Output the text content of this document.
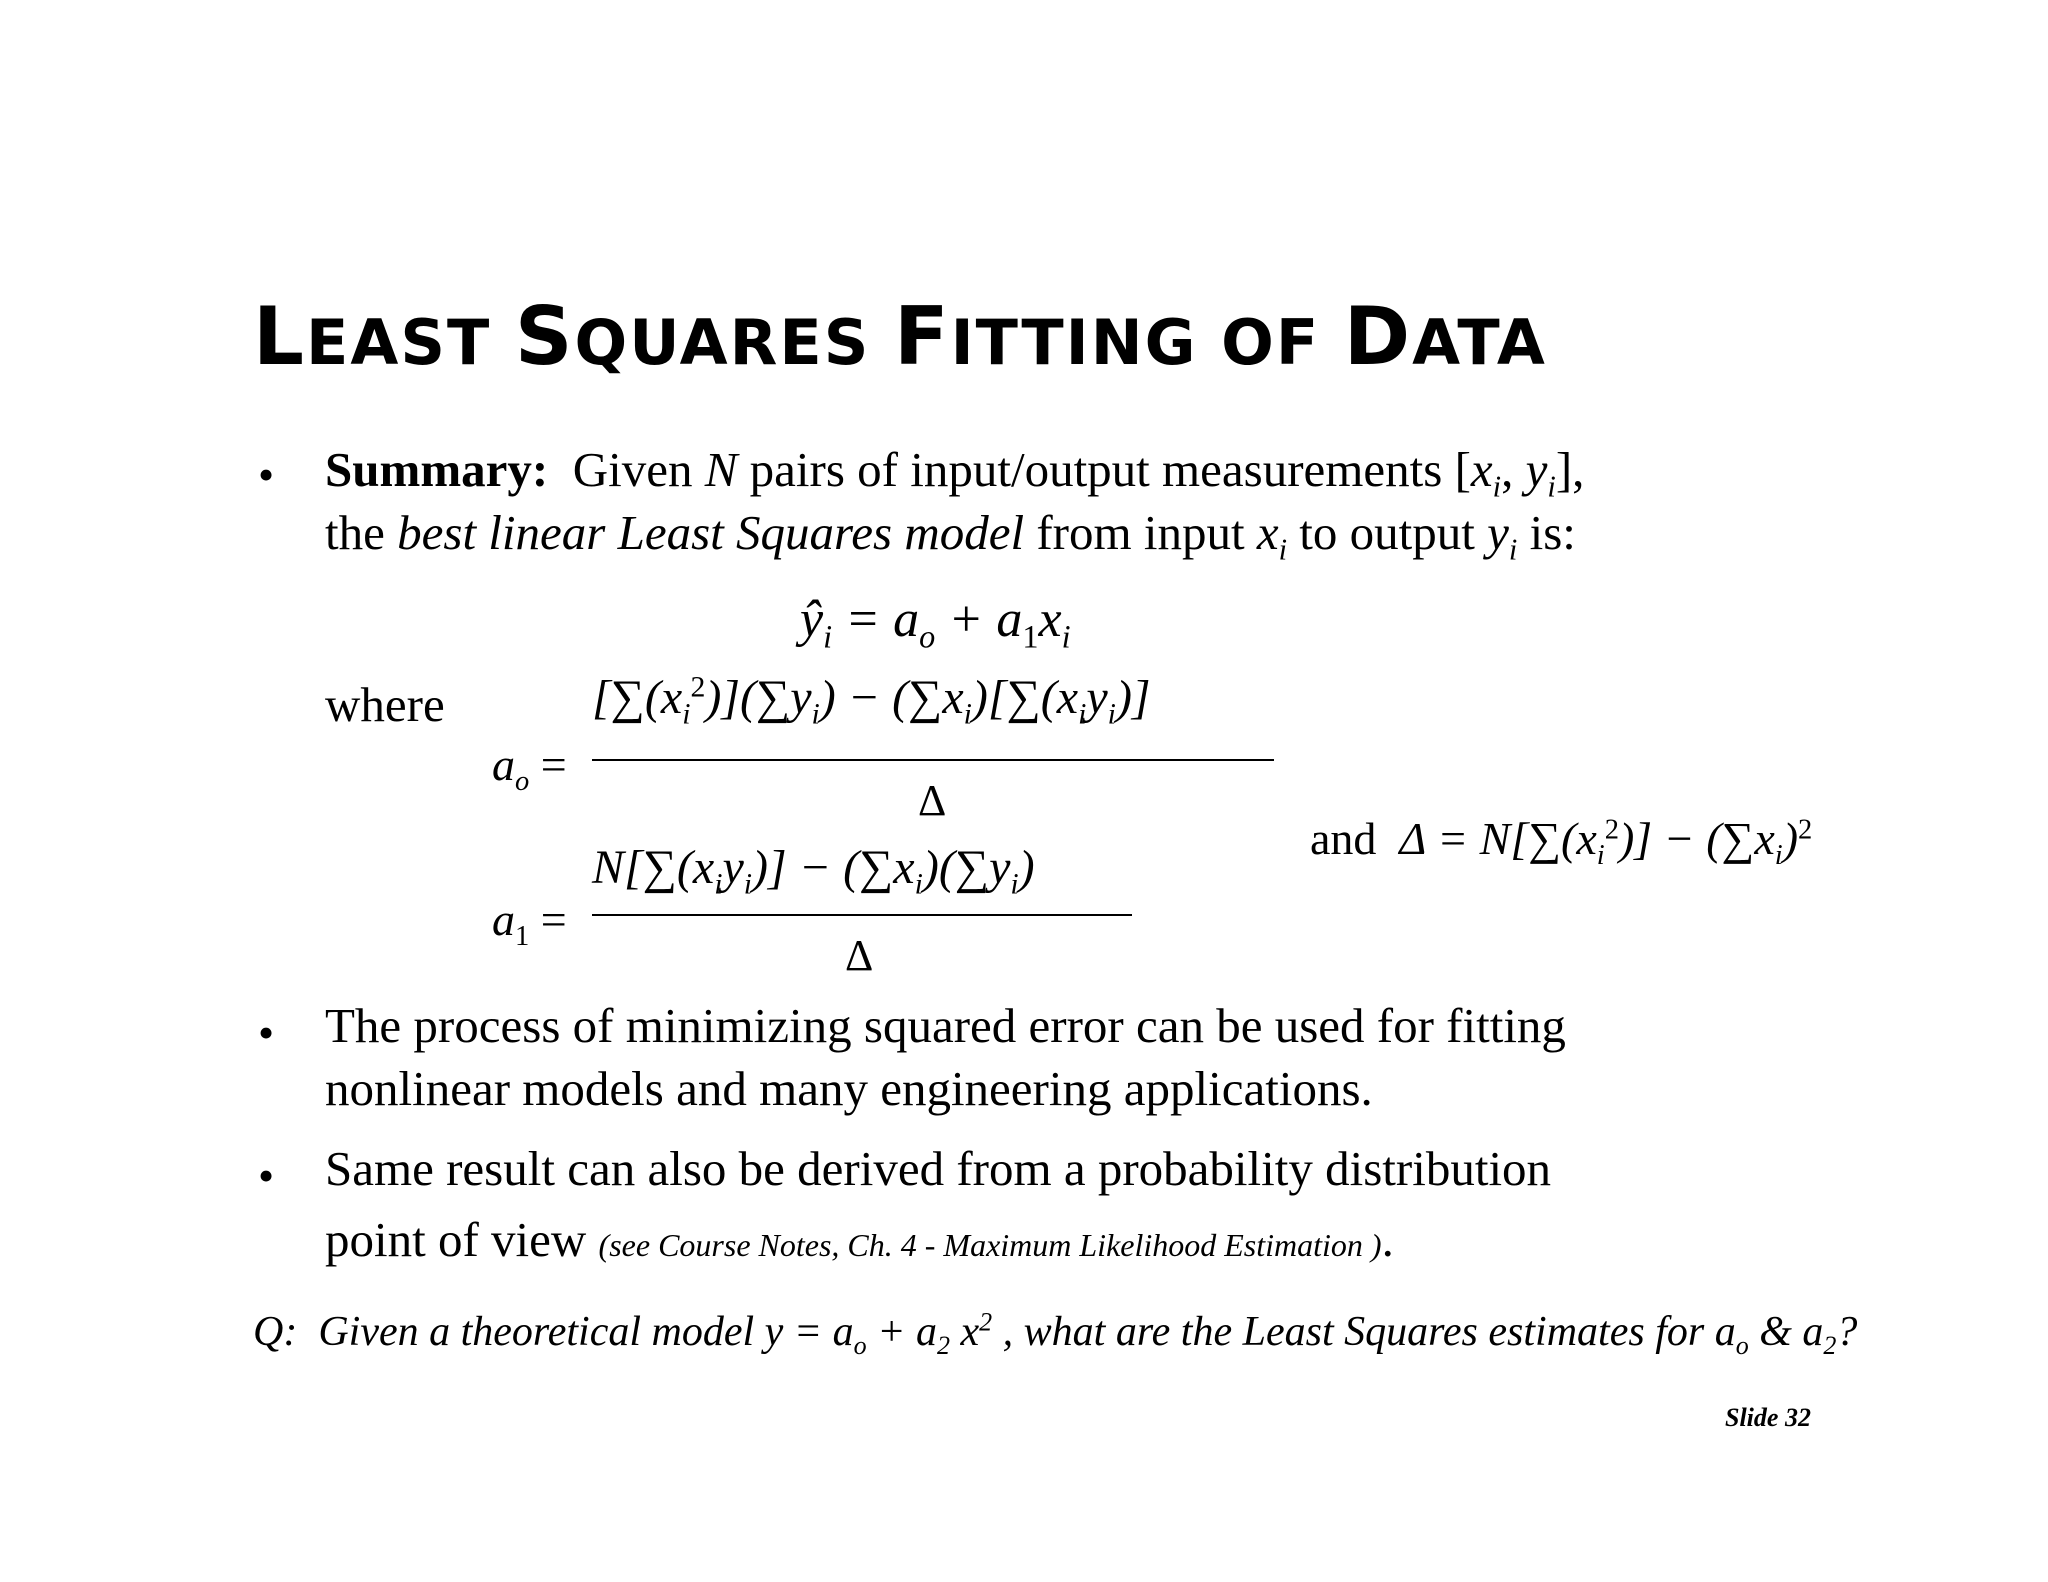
LEAST SQUARES FITTING OF DATA
• Summary: Given N pairs of input/output measurements [$x_i$, $y_i$],
the best linear Least Squares model from input $x_i$ to output $y_i$ is:
$ŷ_i = a_o + a_1x_i$
where
$a_o$ =
$[\sum(x_i^2)](\sum y_i) - (\sum x_i)[\sum(x_iy_i)]$
Δ
$a_1$ =
$N[\sum(x_iy_i)] - (\sum x_i)(\sum y_i)$
Δ
and $\Delta = N[\sum(x_i^2)] - (\sum x_i)^2$
• The process of minimizing squared error can be used for fitting
nonlinear models and many engineering applications.
• Same result can also be derived from a probability distribution
point of view (see Course Notes, Ch. 4 - Maximum Likelihood Estimation ).
Q: Given a theoretical model $y = a_o + a_2$ $x^2$ , what are the Least Squares estimates for $a_o$ & $a_2$?
Slide 32
